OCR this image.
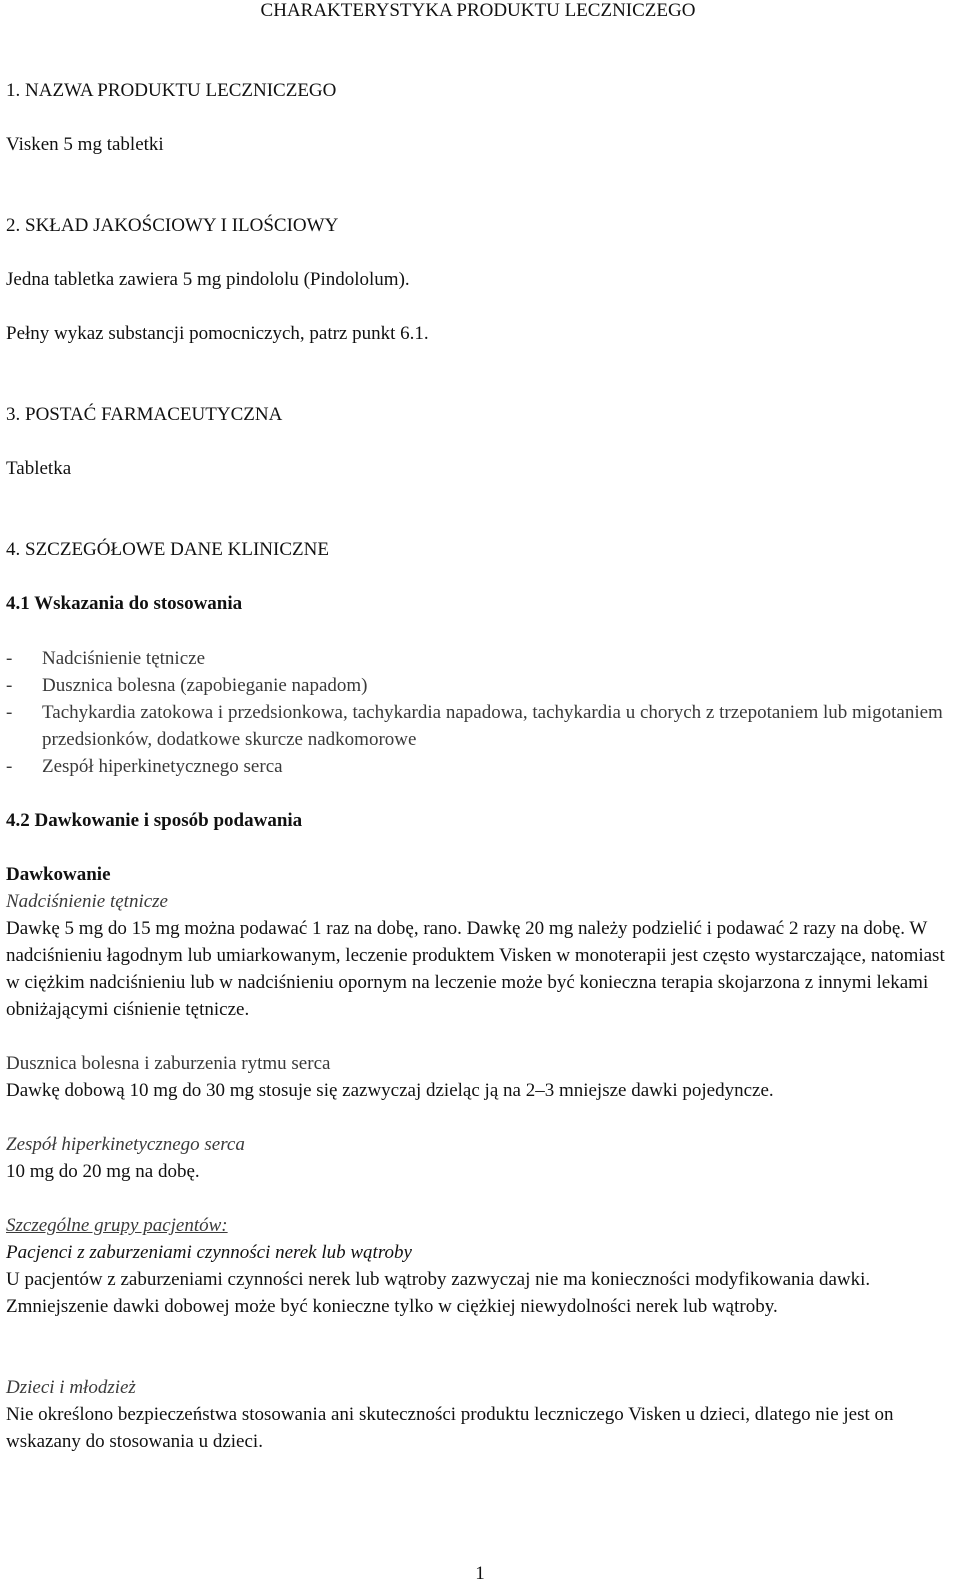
CHARAKTERYSTYKA PRODUKTU LECZNICZEGO

1. NAZWA PRODUKTU LECZNICZEGO

Visken 5 mg tabletki

2. SKŁAD JAKOŚCIOWY I ILOŚCIOWY

Jedna tabletka zawiera 5 mg pindololu (Pindololum).

Pełny wykaz substancji pomocniczych, patrz punkt 6.1.

3. POSTAĆ FARMACEUTYCZNA

Tabletka

4. SZCZEGÓŁOWE DANE KLINICZNE

4.1 Wskazania do stosowania

- Nadciśnienie tętnicze
- Dusznica bolesna (zapobieganie napadom)
- Tachykardia zatokowa i przedsionkowa, tachykardia napadowa, tachykardia u chorych z trzepotaniem lub migotaniem przedsionków, dodatkowe skurcze nadkomorowe
- Zespół hiperkinetycznego serca

4.2 Dawkowanie i sposób podawania

Dawkowanie

Nadciśnienie tętnicze

Dawkę 5 mg do 15 mg można podawać 1 raz na dobę, rano. Dawkę 20 mg należy podzielić i podawać 2 razy na dobę. W nadciśnieniu łagodnym lub umiarkowanym, leczenie produktem Visken w monoterapii jest często wystarczające, natomiast w ciężkim nadciśnieniu lub w nadciśnieniu opornym na leczenie może być konieczna terapia skojarzona z innymi lekami obniżającymi ciśnienie tętnicze.

Dusznica bolesna i zaburzenia rytmu serca

Dawkę dobową 10 mg do 30 mg stosuje się zazwyczaj dzieląc ją na 2–3 mniejsze dawki pojedyncze.

Zespół hiperkinetycznego serca

10 mg do 20 mg na dobę.

Szczególne grupy pacjentów:

Pacjenci z zaburzeniami czynności nerek lub wątroby

U pacjentów z zaburzeniami czynności nerek lub wątroby zazwyczaj nie ma konieczności modyfikowania dawki. Zmniejszenie dawki dobowej może być konieczne tylko w ciężkiej niewydolności nerek lub wątroby.

Dzieci i młodzież

Nie określono bezpieczeństwa stosowania ani skuteczności produktu leczniczego Visken u dzieci, dlatego nie jest on wskazany do stosowania u dzieci.

1
